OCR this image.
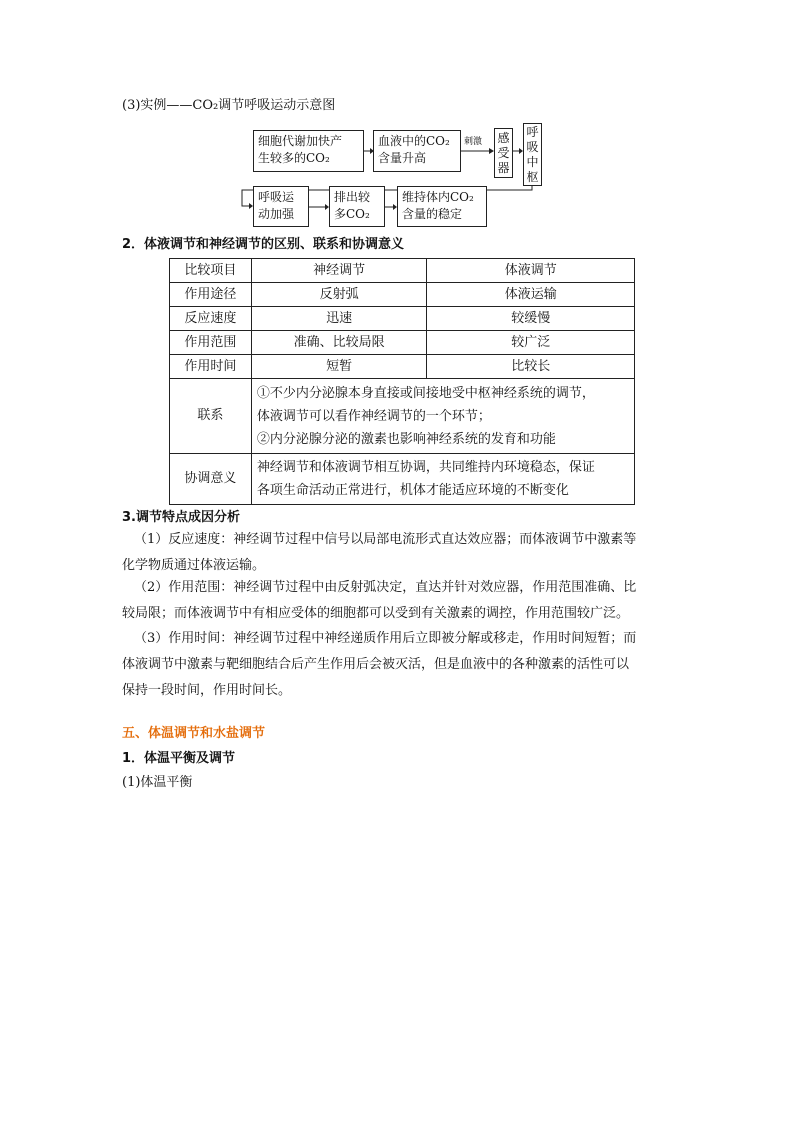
(3)实例——CO₂调节呼吸运动示意图
细胞代谢加快产
生较多的CO₂
血液中的CO₂
含量升高
刺激 感
受
器
呼
吸
中
枢
呼吸运
动加强
排出较
多CO₂
维持体内CO₂
含量的稳定
2．体液调节和神经调节的区别、联系和协调意义
比较项目	神经调节	体液调节
作用途径	反射弧	体液运输
反应速度	迅速	较缓慢
作用范围	准确、比较局限	较广泛
作用时间	短暂	比较长
联系	①不少内分泌腺本身直接或间接地受中枢神经系统的调节，
体液调节可以看作神经调节的一个环节；
②内分泌腺分泌的激素也影响神经系统的发育和功能	

协调意义	神经调节和体液调节相互协调，共同维持内环境稳态，保证
各项生命活动正常进行，机体才能适应环境的不断变化	
3.调节特点成因分析
（1）反应速度：神经调节过程中信号以局部电流形式直达效应器；而体液调节中激素等
化学物质通过体液运输。
（2）作用范围：神经调节过程中由反射弧决定，直达并针对效应器，作用范围准确、比
较局限；而体液调节中有相应受体的细胞都可以受到有关激素的调控，作用范围较广泛。
（3）作用时间：神经调节过程中神经递质作用后立即被分解或移走，作用时间短暂；而
体液调节中激素与靶细胞结合后产生作用后会被灭活，但是血液中的各种激素的活性可以
保持一段时间，作用时间长。
五、体温调节和水盐调节
1．体温平衡及调节
(1)体温平衡
